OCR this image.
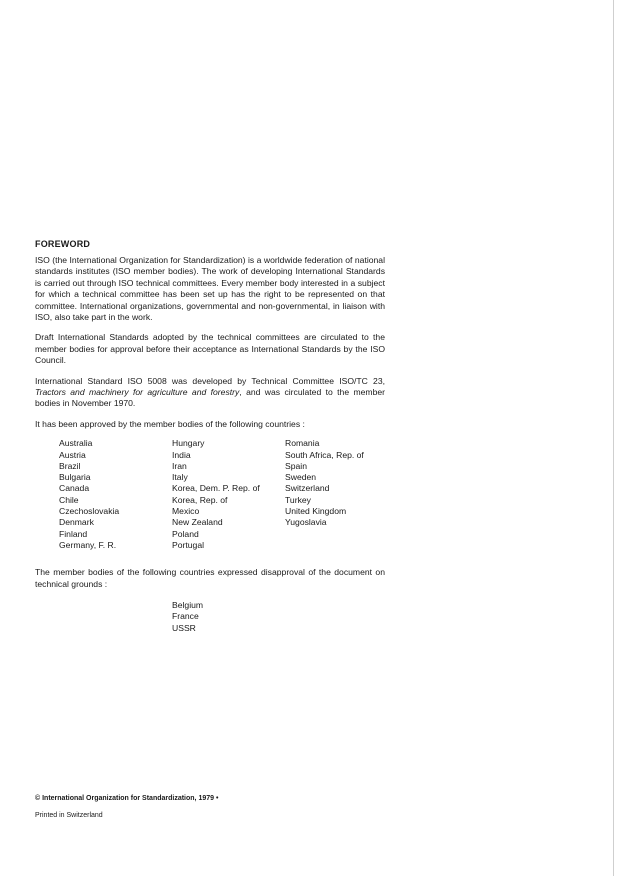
FOREWORD

ISO (the International Organization for Standardization) is a worldwide federation of national standards institutes (ISO member bodies). The work of developing International Standards is carried out through ISO technical committees. Every member body interested in a subject for which a technical committee has been set up has the right to be represented on that committee. International organizations, governmental and non-governmental, in liaison with ISO, also take part in the work.

Draft International Standards adopted by the technical committees are circulated to the member bodies for approval before their acceptance as International Standards by the ISO Council.

International Standard ISO 5008 was developed by Technical Committee ISO/TC 23, Tractors and machinery for agriculture and forestry, and was circulated to the member bodies in November 1970.

It has been approved by the member bodies of the following countries :

Australia
Austria
Brazil
Bulgaria
Canada
Chile
Czechoslovakia
Denmark
Finland
Germany, F. R.
Hungary
India
Iran
Italy
Korea, Dem. P. Rep. of
Korea, Rep. of
Mexico
New Zealand
Poland
Portugal
Romania
South Africa, Rep. of
Spain
Sweden
Switzerland
Turkey
United Kingdom
Yugoslavia

The member bodies of the following countries expressed disapproval of the document on technical grounds :

Belgium
France
USSR
© International Organization for Standardization, 1979 •
Printed in Switzerland
